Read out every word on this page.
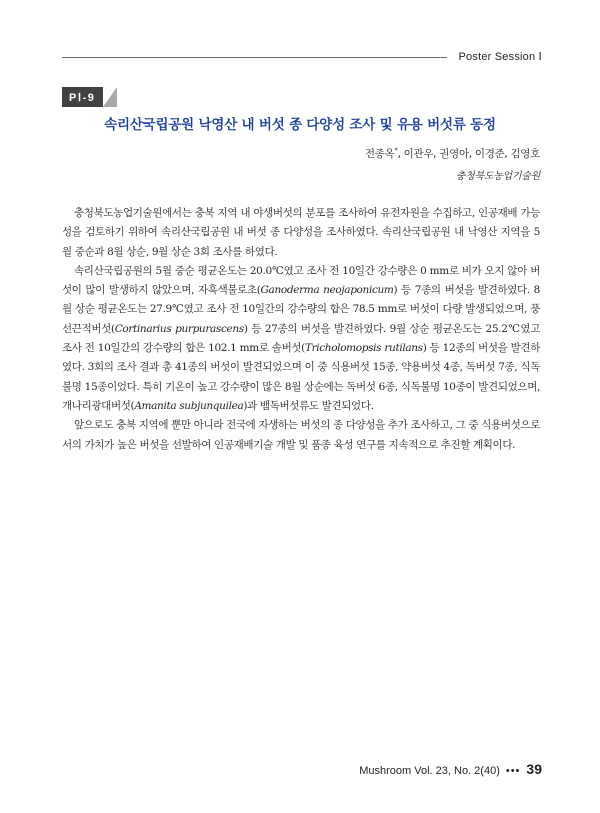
Poster Session Ⅰ
PⅠ-9
속리산국립공원 낙영산 내 버섯 종 다양성 조사 및 유용 버섯류 동정
전종옥*, 이관우, 권영아, 이경준, 김영호
충청북도농업기술원

충청북도농업기술원에서는 충북 지역 내 야생버섯의 분포를 조사하여 유전자원을 수집하고, 인공재배 가능성을 검토하기 위하여 속리산국립공원 내 버섯 종 다양성을 조사하였다. 속리산국립공원 내 낙영산 지역을 5월 중순과 8월 상순, 9월 상순 3회 조사를 하였다.

속리산국립공원의 5월 중순 평균온도는 20.0℃였고 조사 전 10일간 강수량은 0 mm로 비가 오지 않아 버섯이 많이 발생하지 않았으며, 자흑색불로초(Ganoderma neojaponicum) 등 7종의 버섯을 발견하였다. 8월 상순 평균온도는 27.9℃였고 조사 전 10일간의 강수량의 합은 78.5 mm로 버섯이 다량 발생되었으며, 풍선끈적버섯(Cortinarius purpurascens) 등 27종의 버섯을 발견하였다. 9월 상순 평균온도는 25.2℃였고 조사 전 10일간의 강수량의 합은 102.1 mm로 솔버섯(Tricholomopsis rutilans) 등 12종의 버섯을 발견하였다. 3회의 조사 결과 총 41종의 버섯이 발견되었으며 이 중 식용버섯 15종, 약용버섯 4종, 독버섯 7종, 식독불명 15종이었다. 특히 기온이 높고 강수량이 많은 8월 상순에는 독버섯 6종, 식독불명 10종이 발견되었으며, 개나리광대버섯(Amanita subjunquilea)과 뱀독버섯류도 발견되었다.

앞으로도 충북 지역에 뿐만 아니라 전국에 자생하는 버섯의 종 다양성을 추가 조사하고, 그 중 식용버섯으로서의 가치가 높은 버섯을 선발하여 인공재배기술 개발 및 품종 육성 연구를 지속적으로 추진할 계획이다.

Mushroom Vol. 23, No. 2(40) ••• 39
